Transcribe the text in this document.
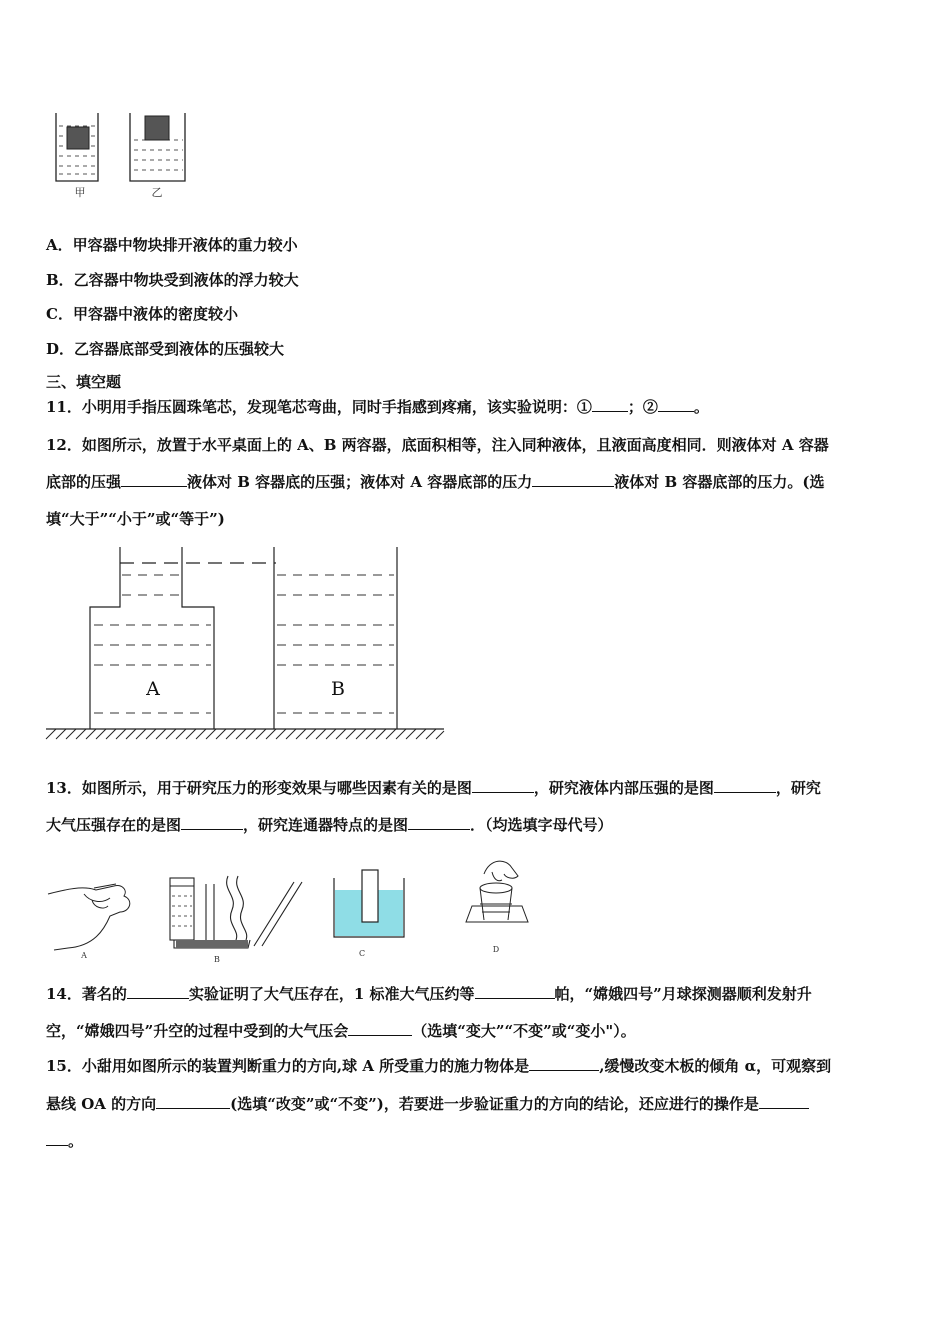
甲	乙
A．甲容器中物块排开液体的重力较小
B．乙容器中物块受到液体的浮力较大
C．甲容器中液体的密度较小
D．乙容器底部受到液体的压强较大
三、填空题
11．小明用手指压圆珠笔芯，发现笔芯弯曲，同时手指感到疼痛，该实验说明：① ；② 。
12．如图所示，放置于水平桌面上的 A、B 两容器，底面积相等，注入同种液体，且液面高度相同．则液体对 A 容器
底部的压强	液体对 B 容器底的压强；液体对 A 容器底部的压力	液体对 B 容器底部的压力。(选
填“大于”“小于”或“等于”)
A	B
13．如图所示，用于研究压力的形变效果与哪些因素有关的是图	，研究液体内部压强的是图	，研究
大气压强存在的是图	，研究连通器特点的是图	．（均选填字母代号）
A	B
C	D
14．著名的	实验证明了大气压存在，1 标准大气压约等	帕，“嫦娥四号”月球探测器顺利发射升
空，“嫦娥四号”升空的过程中受到的大气压会	（选填“变大”“不变”或“变小"）。
15．小甜用如图所示的装置判断重力的方向,球 A 所受重力的施力物体是	,缓慢改变木板的倾角 α，可观察到
悬线 OA 的方向	(选填“改变”或“不变”)，若要进一步验证重力的方向的结论，还应进行的操作是
。
